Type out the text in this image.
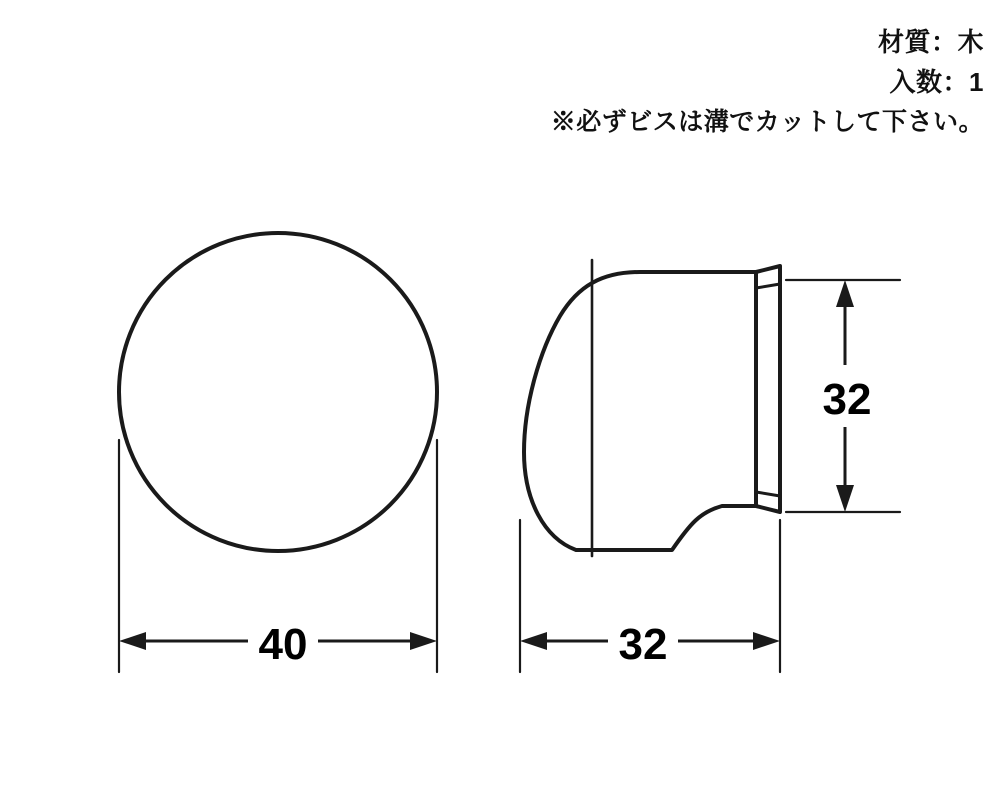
材質：木
入数：1
※必ずビスは溝でカットして下さい。
40	32
32
